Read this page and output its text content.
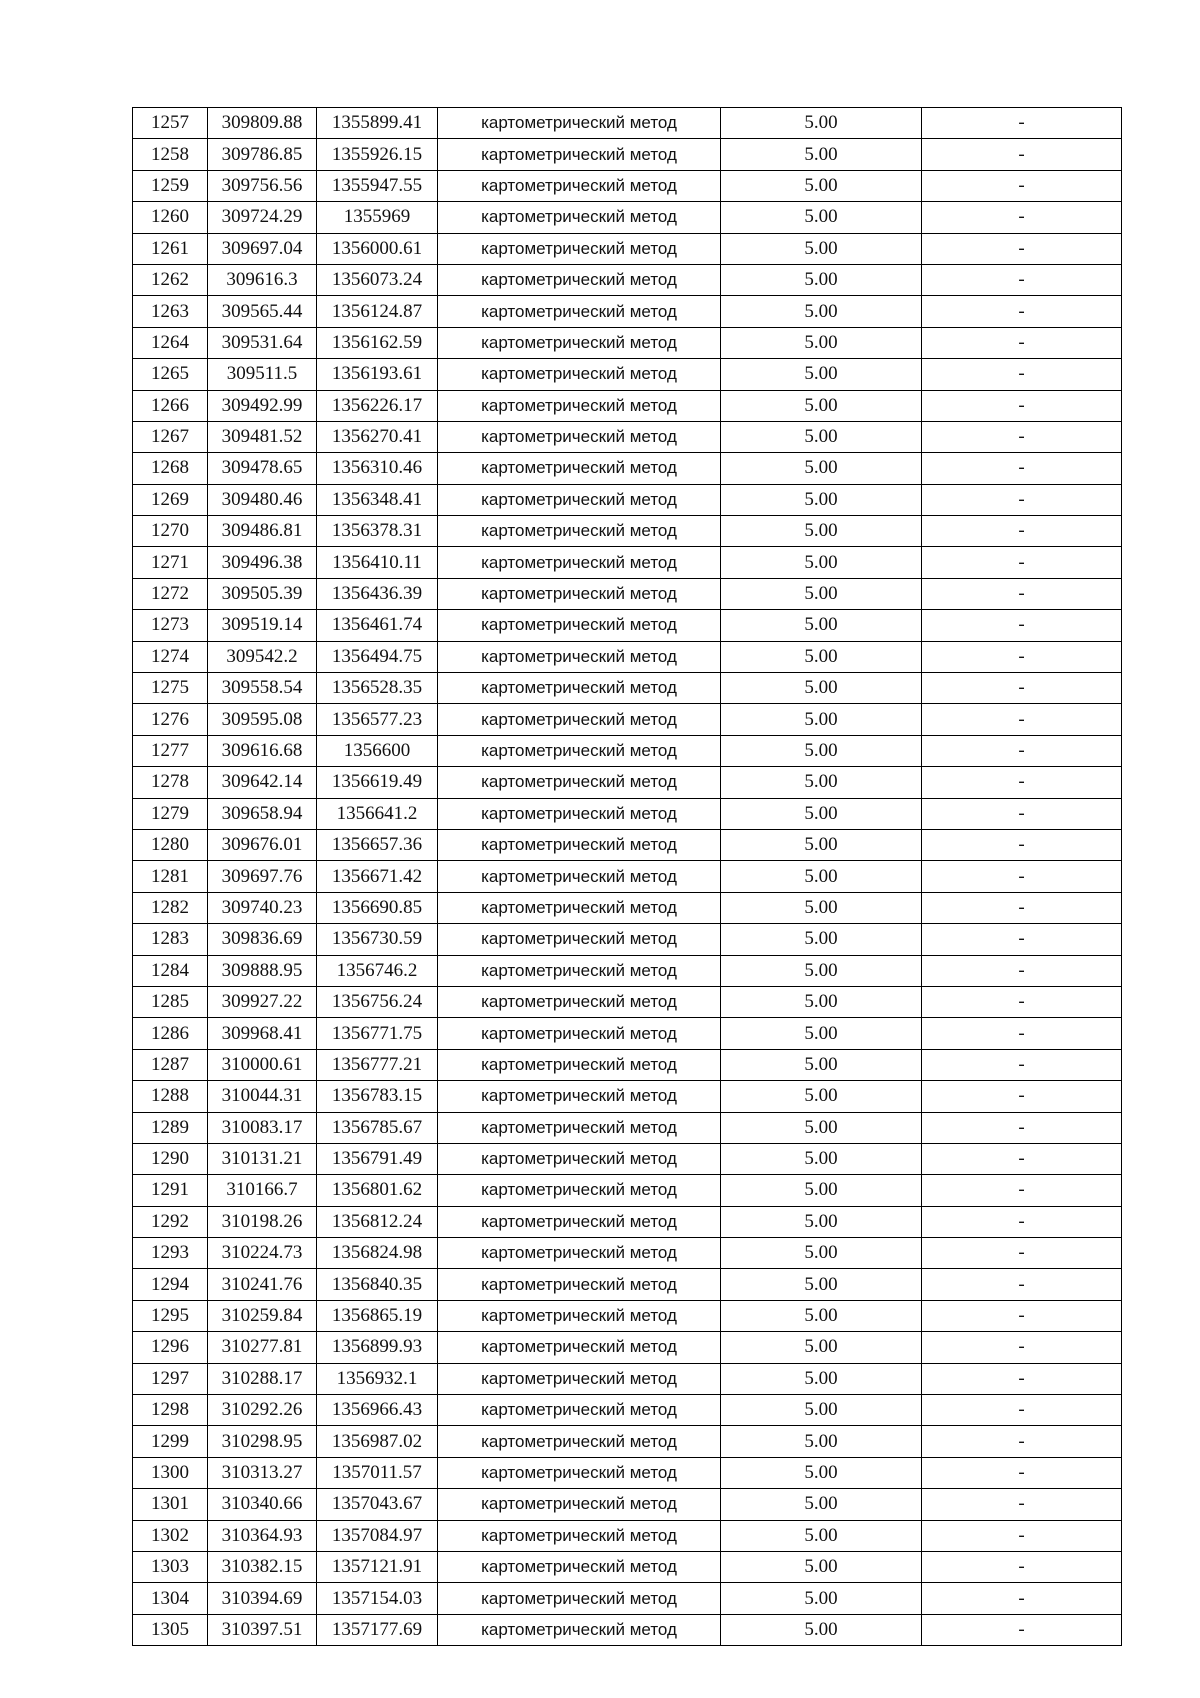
1257	309809.88	1355899.41	картометрический метод	5.00	-
1258	309786.85	1355926.15	картометрический метод	5.00	-
1259	309756.56	1355947.55	картометрический метод	5.00	-
1260	309724.29	1355969	картометрический метод	5.00	-
1261	309697.04	1356000.61	картометрический метод	5.00	-
1262	309616.3	1356073.24	картометрический метод	5.00	-
1263	309565.44	1356124.87	картометрический метод	5.00	-
1264	309531.64	1356162.59	картометрический метод	5.00	-
1265	309511.5	1356193.61	картометрический метод	5.00	-
1266	309492.99	1356226.17	картометрический метод	5.00	-
1267	309481.52	1356270.41	картометрический метод	5.00	-
1268	309478.65	1356310.46	картометрический метод	5.00	-
1269	309480.46	1356348.41	картометрический метод	5.00	-
1270	309486.81	1356378.31	картометрический метод	5.00	-
1271	309496.38	1356410.11	картометрический метод	5.00	-
1272	309505.39	1356436.39	картометрический метод	5.00	-
1273	309519.14	1356461.74	картометрический метод	5.00	-
1274	309542.2	1356494.75	картометрический метод	5.00	-
1275	309558.54	1356528.35	картометрический метод	5.00	-
1276	309595.08	1356577.23	картометрический метод	5.00	-
1277	309616.68	1356600	картометрический метод	5.00	-
1278	309642.14	1356619.49	картометрический метод	5.00	-
1279	309658.94	1356641.2	картометрический метод	5.00	-
1280	309676.01	1356657.36	картометрический метод	5.00	-
1281	309697.76	1356671.42	картометрический метод	5.00	-
1282	309740.23	1356690.85	картометрический метод	5.00	-
1283	309836.69	1356730.59	картометрический метод	5.00	-
1284	309888.95	1356746.2	картометрический метод	5.00	-
1285	309927.22	1356756.24	картометрический метод	5.00	-
1286	309968.41	1356771.75	картометрический метод	5.00	-
1287	310000.61	1356777.21	картометрический метод	5.00	-
1288	310044.31	1356783.15	картометрический метод	5.00	-
1289	310083.17	1356785.67	картометрический метод	5.00	-
1290	310131.21	1356791.49	картометрический метод	5.00	-
1291	310166.7	1356801.62	картометрический метод	5.00	-
1292	310198.26	1356812.24	картометрический метод	5.00	-
1293	310224.73	1356824.98	картометрический метод	5.00	-
1294	310241.76	1356840.35	картометрический метод	5.00	-
1295	310259.84	1356865.19	картометрический метод	5.00	-
1296	310277.81	1356899.93	картометрический метод	5.00	-
1297	310288.17	1356932.1	картометрический метод	5.00	-
1298	310292.26	1356966.43	картометрический метод	5.00	-
1299	310298.95	1356987.02	картометрический метод	5.00	-
1300	310313.27	1357011.57	картометрический метод	5.00	-
1301	310340.66	1357043.67	картометрический метод	5.00	-
1302	310364.93	1357084.97	картометрический метод	5.00	-
1303	310382.15	1357121.91	картометрический метод	5.00	-
1304	310394.69	1357154.03	картометрический метод	5.00	-
1305	310397.51	1357177.69	картометрический метод	5.00	-
